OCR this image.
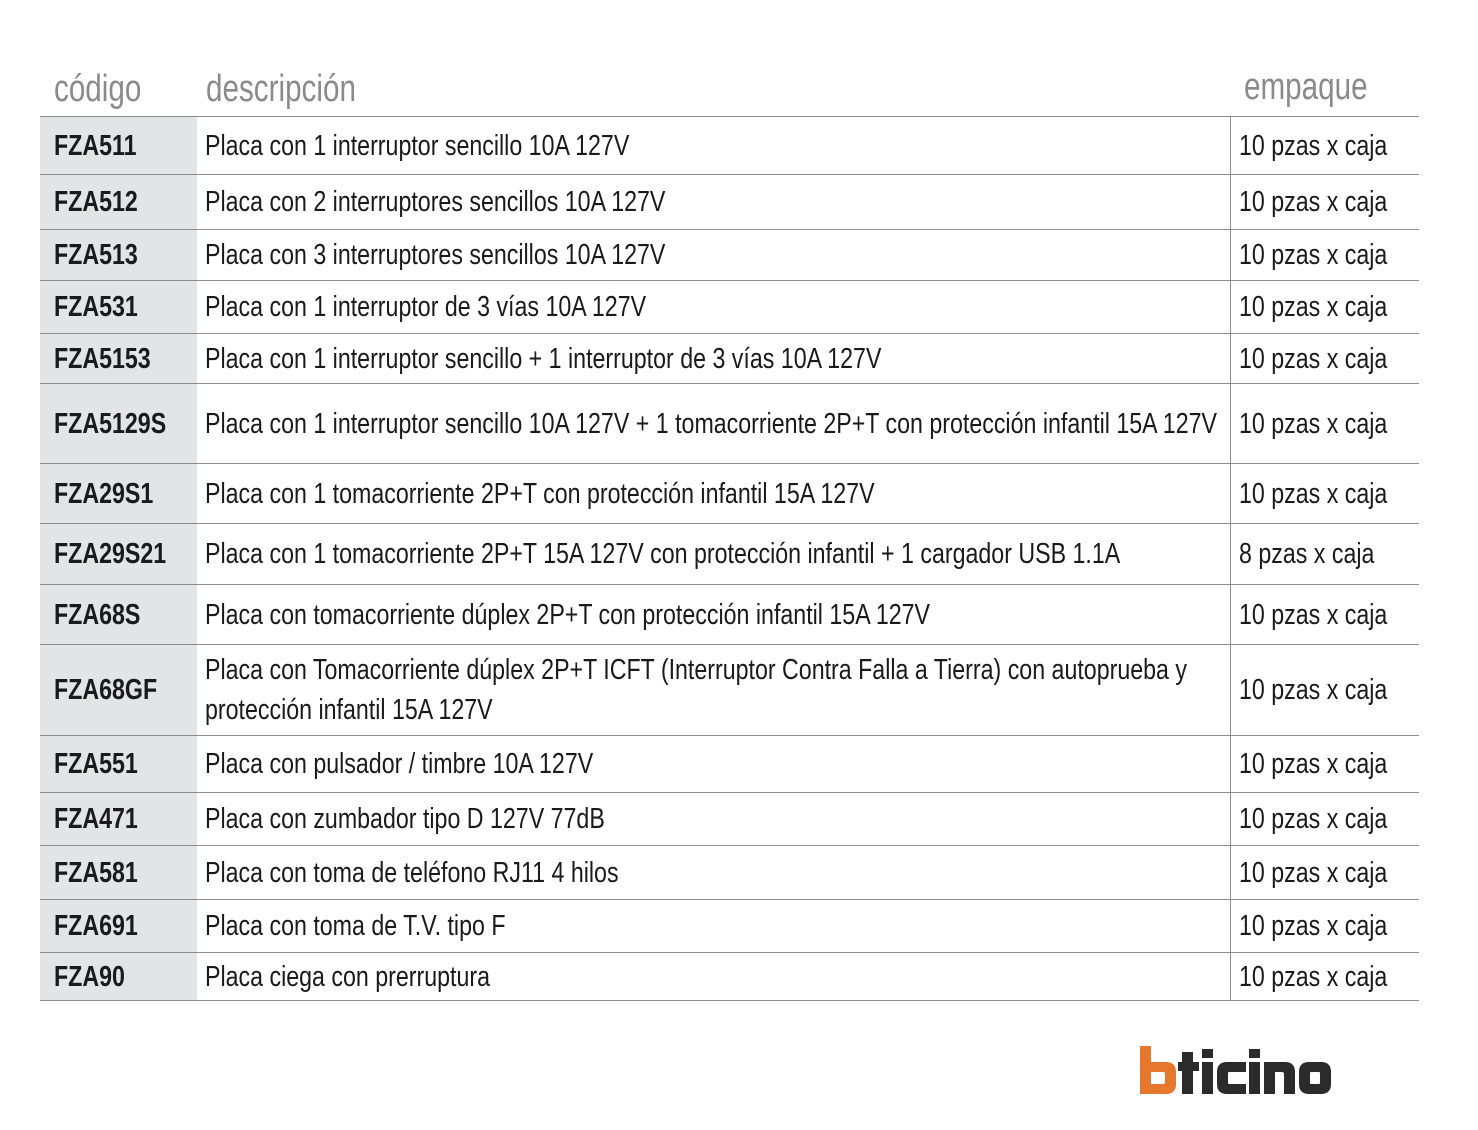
código descripción	empaque
FZA511	Placa con 1 interruptor sencillo 10A 127V	10 pzas x caja
FZA512	Placa con 2 interruptores sencillos 10A 127V	10 pzas x caja
FZA513	Placa con 3 interruptores sencillos 10A 127V	10 pzas x caja
FZA531	Placa con 1 interruptor de 3 vías 10A 127V	10 pzas x caja
FZA5153	Placa con 1 interruptor sencillo + 1 interruptor de 3 vías 10A 127V	10 pzas x caja
FZA5129S	Placa con 1 interruptor sencillo 10A 127V + 1 tomacorriente 2P+T con protección infantil 15A 127V	10 pzas x caja
FZA29S1	Placa con 1 tomacorriente 2P+T con protección infantil 15A 127V	10 pzas x caja
FZA29S21	Placa con 1 tomacorriente 2P+T 15A 127V con protección infantil + 1 cargador USB 1.1A	8 pzas x caja
FZA68S	Placa con tomacorriente dúplex 2P+T con protección infantil 15A 127V	10 pzas x caja
FZA68GF	Placa con Tomacorriente dúplex 2P+T ICFT (Interruptor Contra Falla a Tierra) con autoprueba y protección infantil 15A 127V	10 pzas x caja
FZA551	Placa con pulsador / timbre 10A 127V	10 pzas x caja
FZA471	Placa con zumbador tipo D 127V 77dB	10 pzas x caja
FZA581	Placa con toma de teléfono RJ11 4 hilos	10 pzas x caja
FZA691	Placa con toma de T.V. tipo F	10 pzas x caja
FZA90	Placa ciega con prerruptura	10 pzas x caja
